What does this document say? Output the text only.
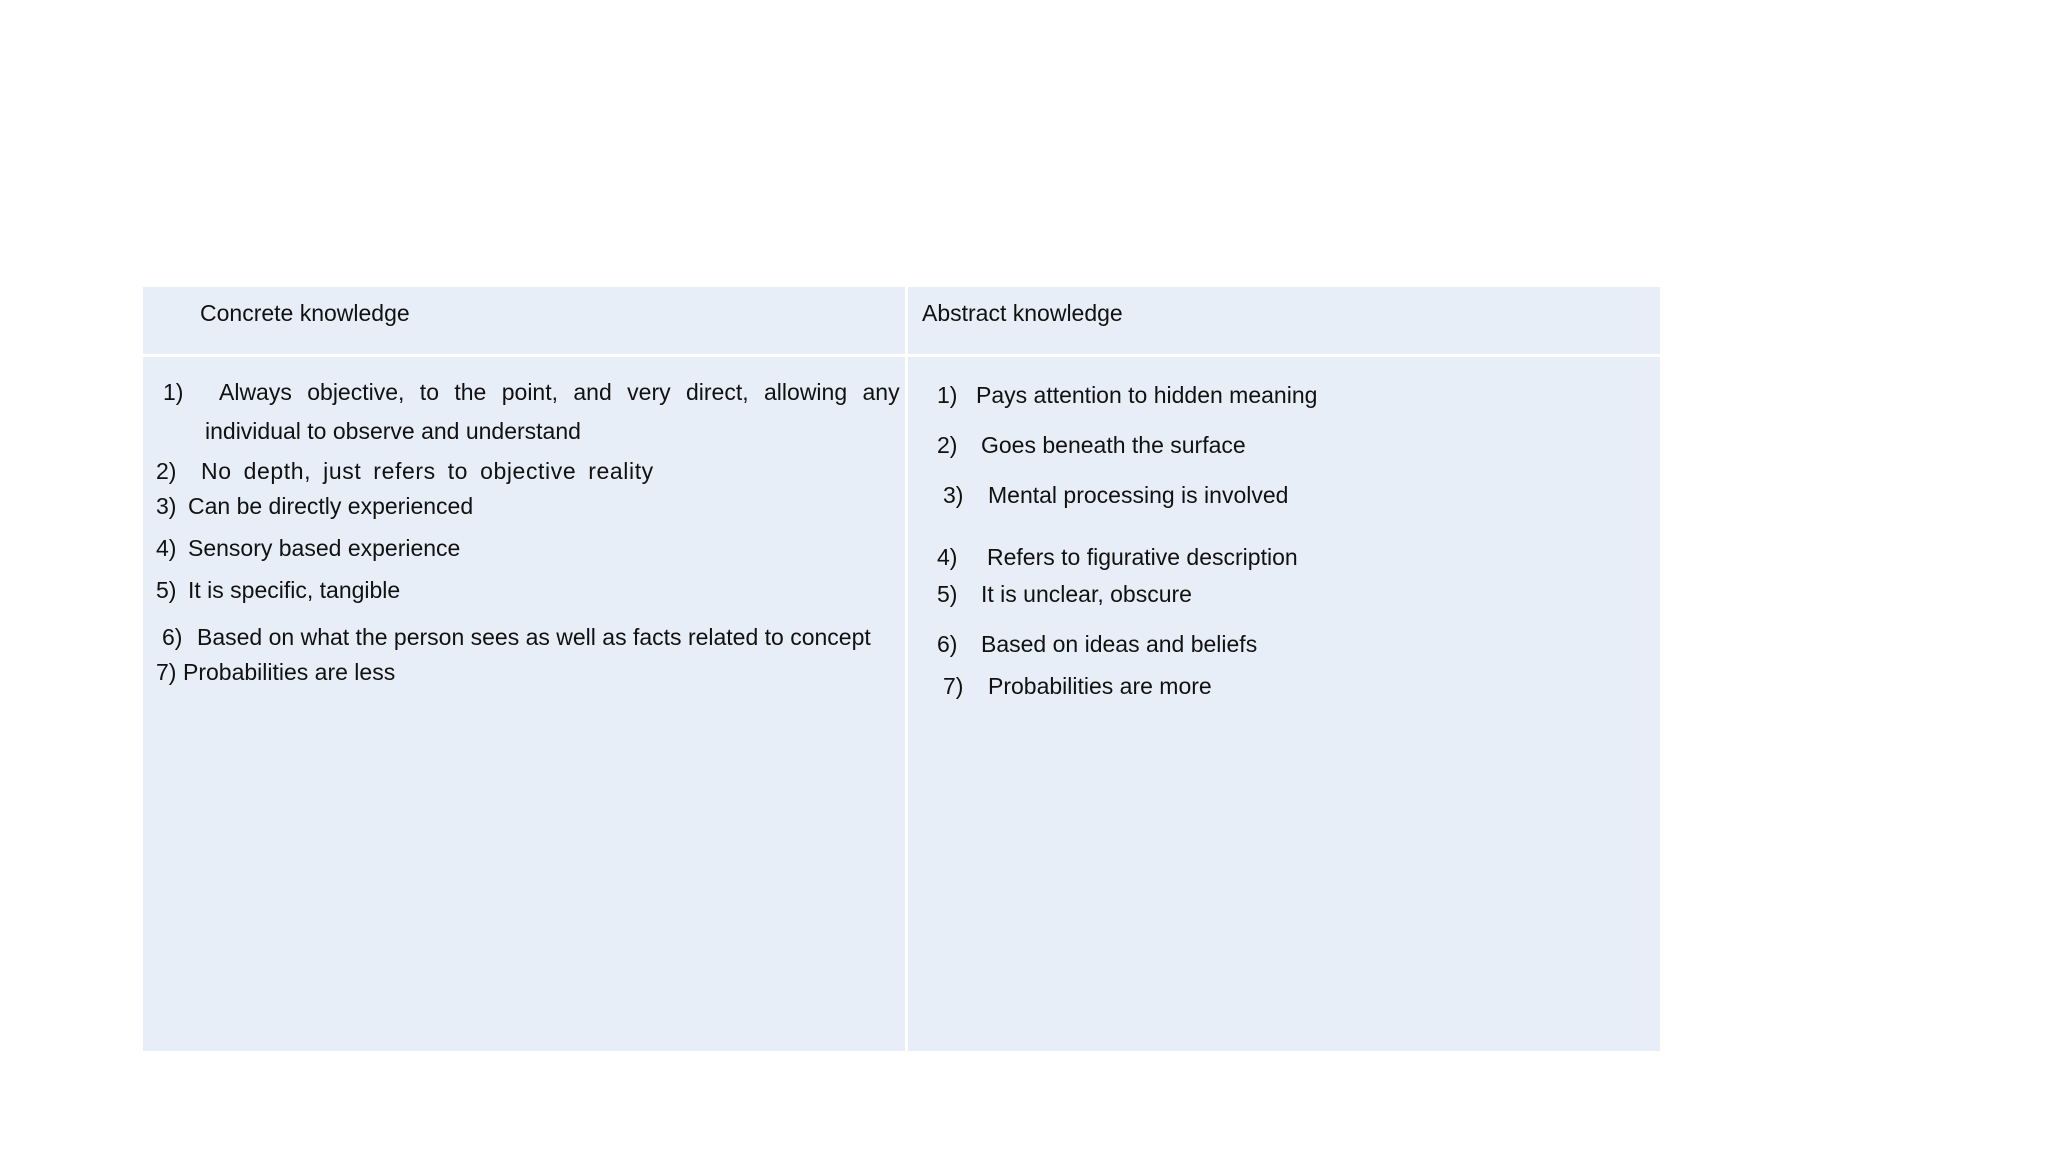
Concrete knowledge	Abstract knowledge
1) Always objective, to the point, and very direct, allowing any
individual to observe and understand
2) No depth, just refers to objective reality
3) Can be directly experienced
4) Sensory based experience
5) It is specific, tangible
6) Based on what the person sees as well as facts related to concept
7) Probabilities are less
1) Pays attention to hidden meaning
2) Goes beneath the surface
3) Mental processing is involved
4) Refers to figurative description
5) It is unclear, obscure
6) Based on ideas and beliefs
7) Probabilities are more
